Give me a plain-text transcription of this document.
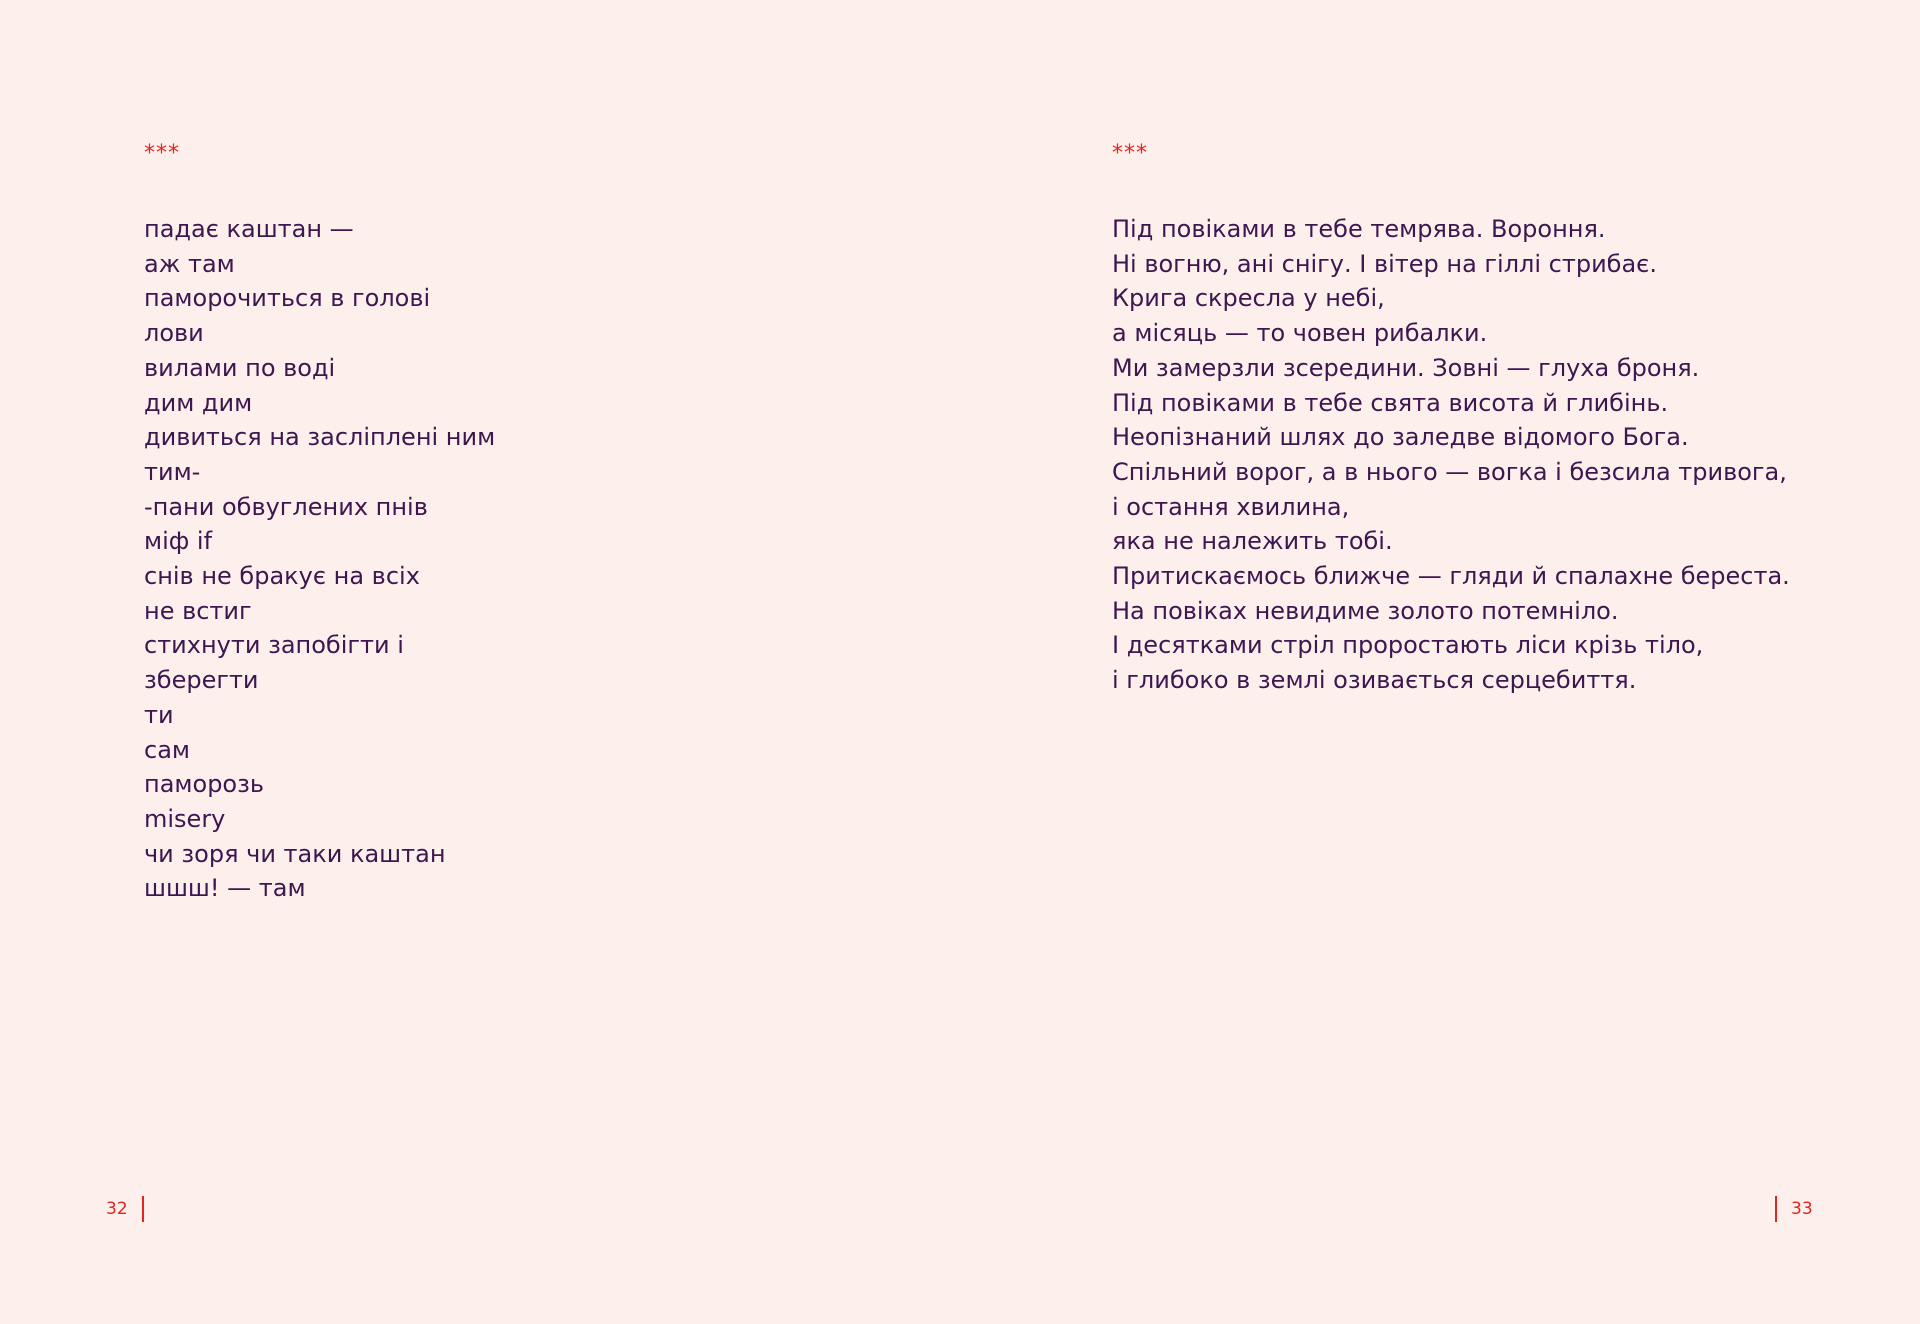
***
падає каштан —
аж там
паморочиться в голові
лови
вилами по воді
дим дим
дивиться на засліплені ним
тим-
-пани обвуглених пнів
міф if
снів не бракує на всіх
не встиг
стихнути запобігти і
зберегти
ти
сам
паморозь
misery
чи зоря чи таки каштан
шшш! — там
32
***
Під повіками в тебе темрява. Вороння.
Ні вогню, ані снігу. І вітер на гіллі стрибає.
Крига скресла у небі,
а місяць — то човен рибалки.
Ми замерзли зсередини. Зовні — глуха броня.
Під повіками в тебе свята висота й глибінь.
Неопізнаний шлях до заледве відомого Бога.
Спільний ворог, а в нього — вогка і безсила тривога,
і остання хвилина,
яка не належить тобі.
Притискаємось ближче — гляди й спалахне береста.
На повіках невидиме золото потемніло.
І десятками стріл проростають ліси крізь тіло,
і глибоко в землі озивається серцебиття.
33
